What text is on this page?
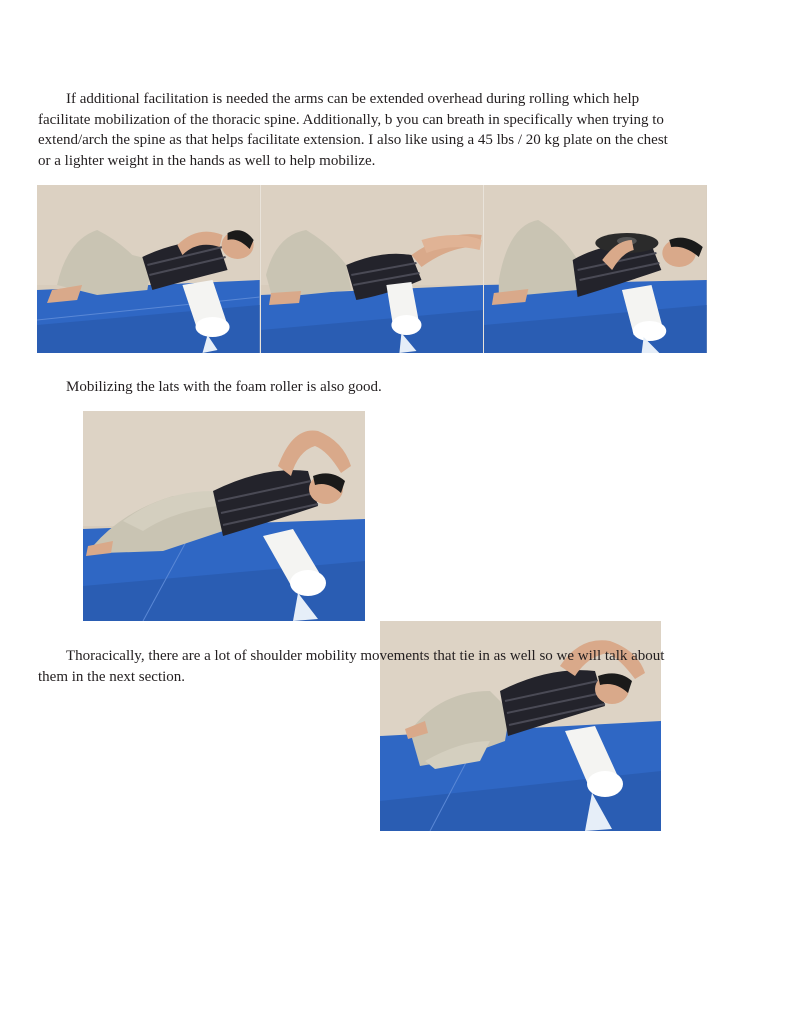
If additional facilitation is needed the arms can be extended overhead during rolling which help
facilitate mobilization of the thoracic spine. Additionally, b you can breath in specifically when trying to
extend/arch the spine as that helps facilitate extension. I also like using a 45 lbs / 20 kg plate on the chest
or a lighter weight in the hands as well to help mobilize.

Mobilizing the lats with the foam roller is also good.

Thoracically, there are a lot of shoulder mobility movements that tie in as well so we will talk about
them in the next section.
